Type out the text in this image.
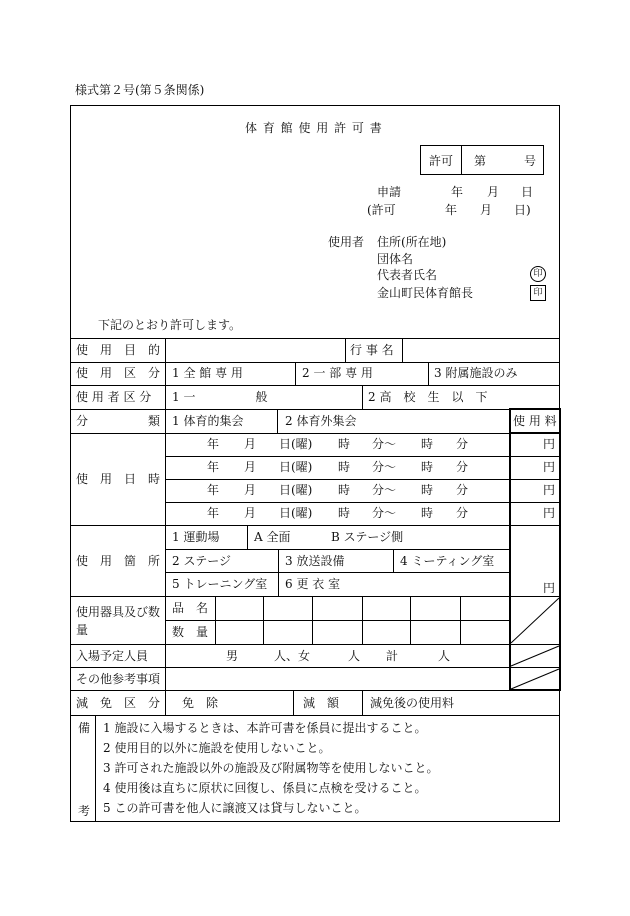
様式第２号(第５条関係)
体 育 館 使 用 許 可 書
許可 第	号
申請	年 月 日
(許可	年 月 日)
使用者 住所(所在地)
団体名
代表者氏名	印
金山町民体育館長	印
下記のとおり許可します。
使　用　目　的	行 事 名
使　用　区　分 1 全 館 専 用	2 一 部 専 用	3 附属施設のみ
使 用 者 区 分 1 一　　　　　般	2 高　校　生　以　下
分　　　　　類 1 体育的集会	2 体育外集会	使 用 料
使　用　日　時
年 月 日(曜) 時 分～ 時 分	円
年 月 日(曜) 時 分～ 時 分	円
年 月 日(曜) 時 分～ 時 分	円
年 月 日(曜) 時 分～ 時 分	円
使　用　箇　所
1 運動場	A 全面	B ステージ側
2 ステージ	3 放送設備	4 ミーティング室
5 トレーニング室 6 更 衣 室	円
使用器具及び数量
品　名
数　量
入場予定人員	男	人、女	人 計	人
その他参考事項
減　免　区　分 免　除	減　額	減免後の使用料
備
考
1 施設に入場するときは、本許可書を係員に提出すること。
2 使用目的以外に施設を使用しないこと。
3 許可された施設以外の施設及び附属物等を使用しないこと。
4 使用後は直ちに原状に回復し、係員に点検を受けること。
5 この許可書を他人に譲渡又は貸与しないこと。
